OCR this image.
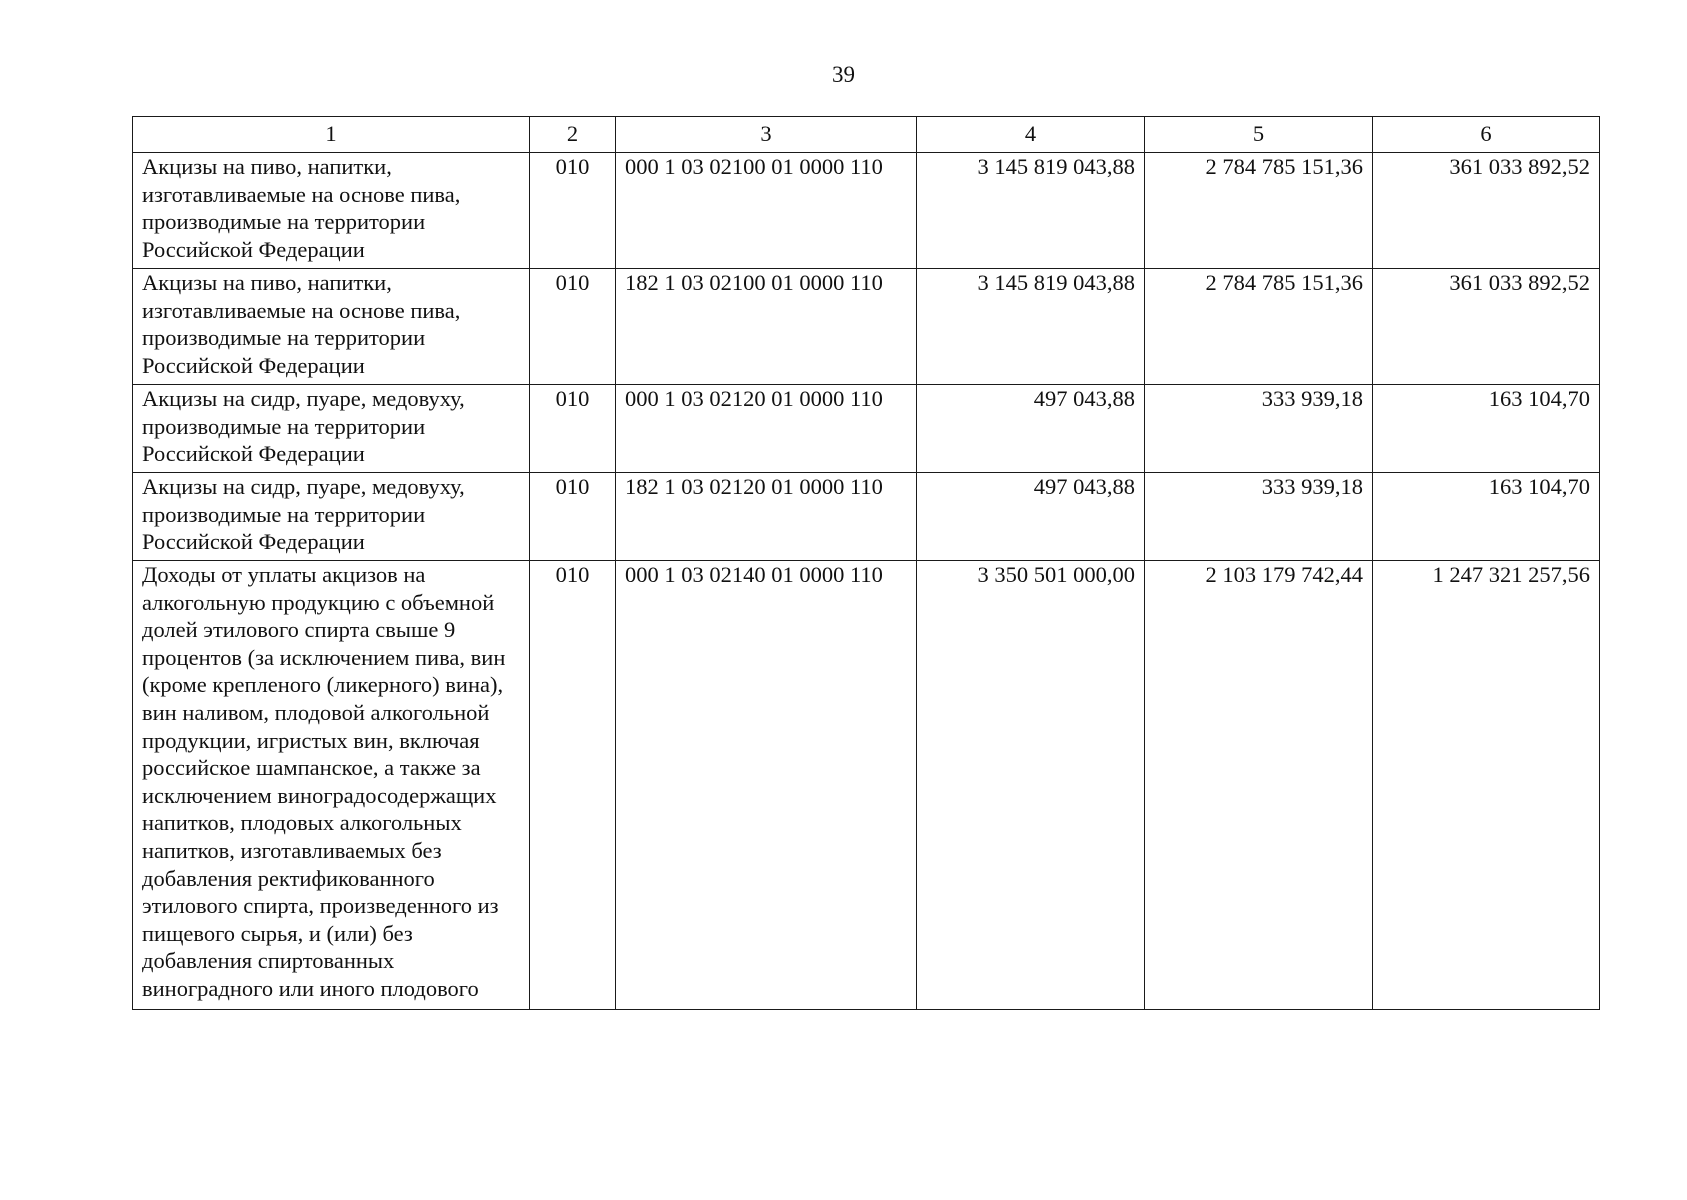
39
1	2	3	4	5	6
Акцизы на пиво, напитки, изготавливаемые на основе пива, производимые на территории Российской Федерации	010	000 1 03 02100 01 0000 110	3 145 819 043,88	2 784 785 151,36	361 033 892,52
Акцизы на пиво, напитки, изготавливаемые на основе пива, производимые на территории Российской Федерации	010	182 1 03 02100 01 0000 110	3 145 819 043,88	2 784 785 151,36	361 033 892,52
Акцизы на сидр, пуаре, медовуху, производимые на территории Российской Федерации	010	000 1 03 02120 01 0000 110	497 043,88	333 939,18	163 104,70
Акцизы на сидр, пуаре, медовуху, производимые на территории Российской Федерации	010	182 1 03 02120 01 0000 110	497 043,88	333 939,18	163 104,70
Доходы от уплаты акцизов на алкогольную продукцию с объемной долей этилового спирта свыше 9 процентов (за исключением пива, вин (кроме крепленого (ликерного) вина), вин наливом, плодовой алкогольной продукции, игристых вин, включая российское шампанское, а также за исключением виноградосодержащих напитков, плодовых алкогольных напитков, изготавливаемых без добавления ректификованного этилового спирта, произведенного из пищевого сырья, и (или) без добавления спиртованных виноградного или иного плодового	010	000 1 03 02140 01 0000 110	3 350 501 000,00	2 103 179 742,44	1 247 321 257,56
